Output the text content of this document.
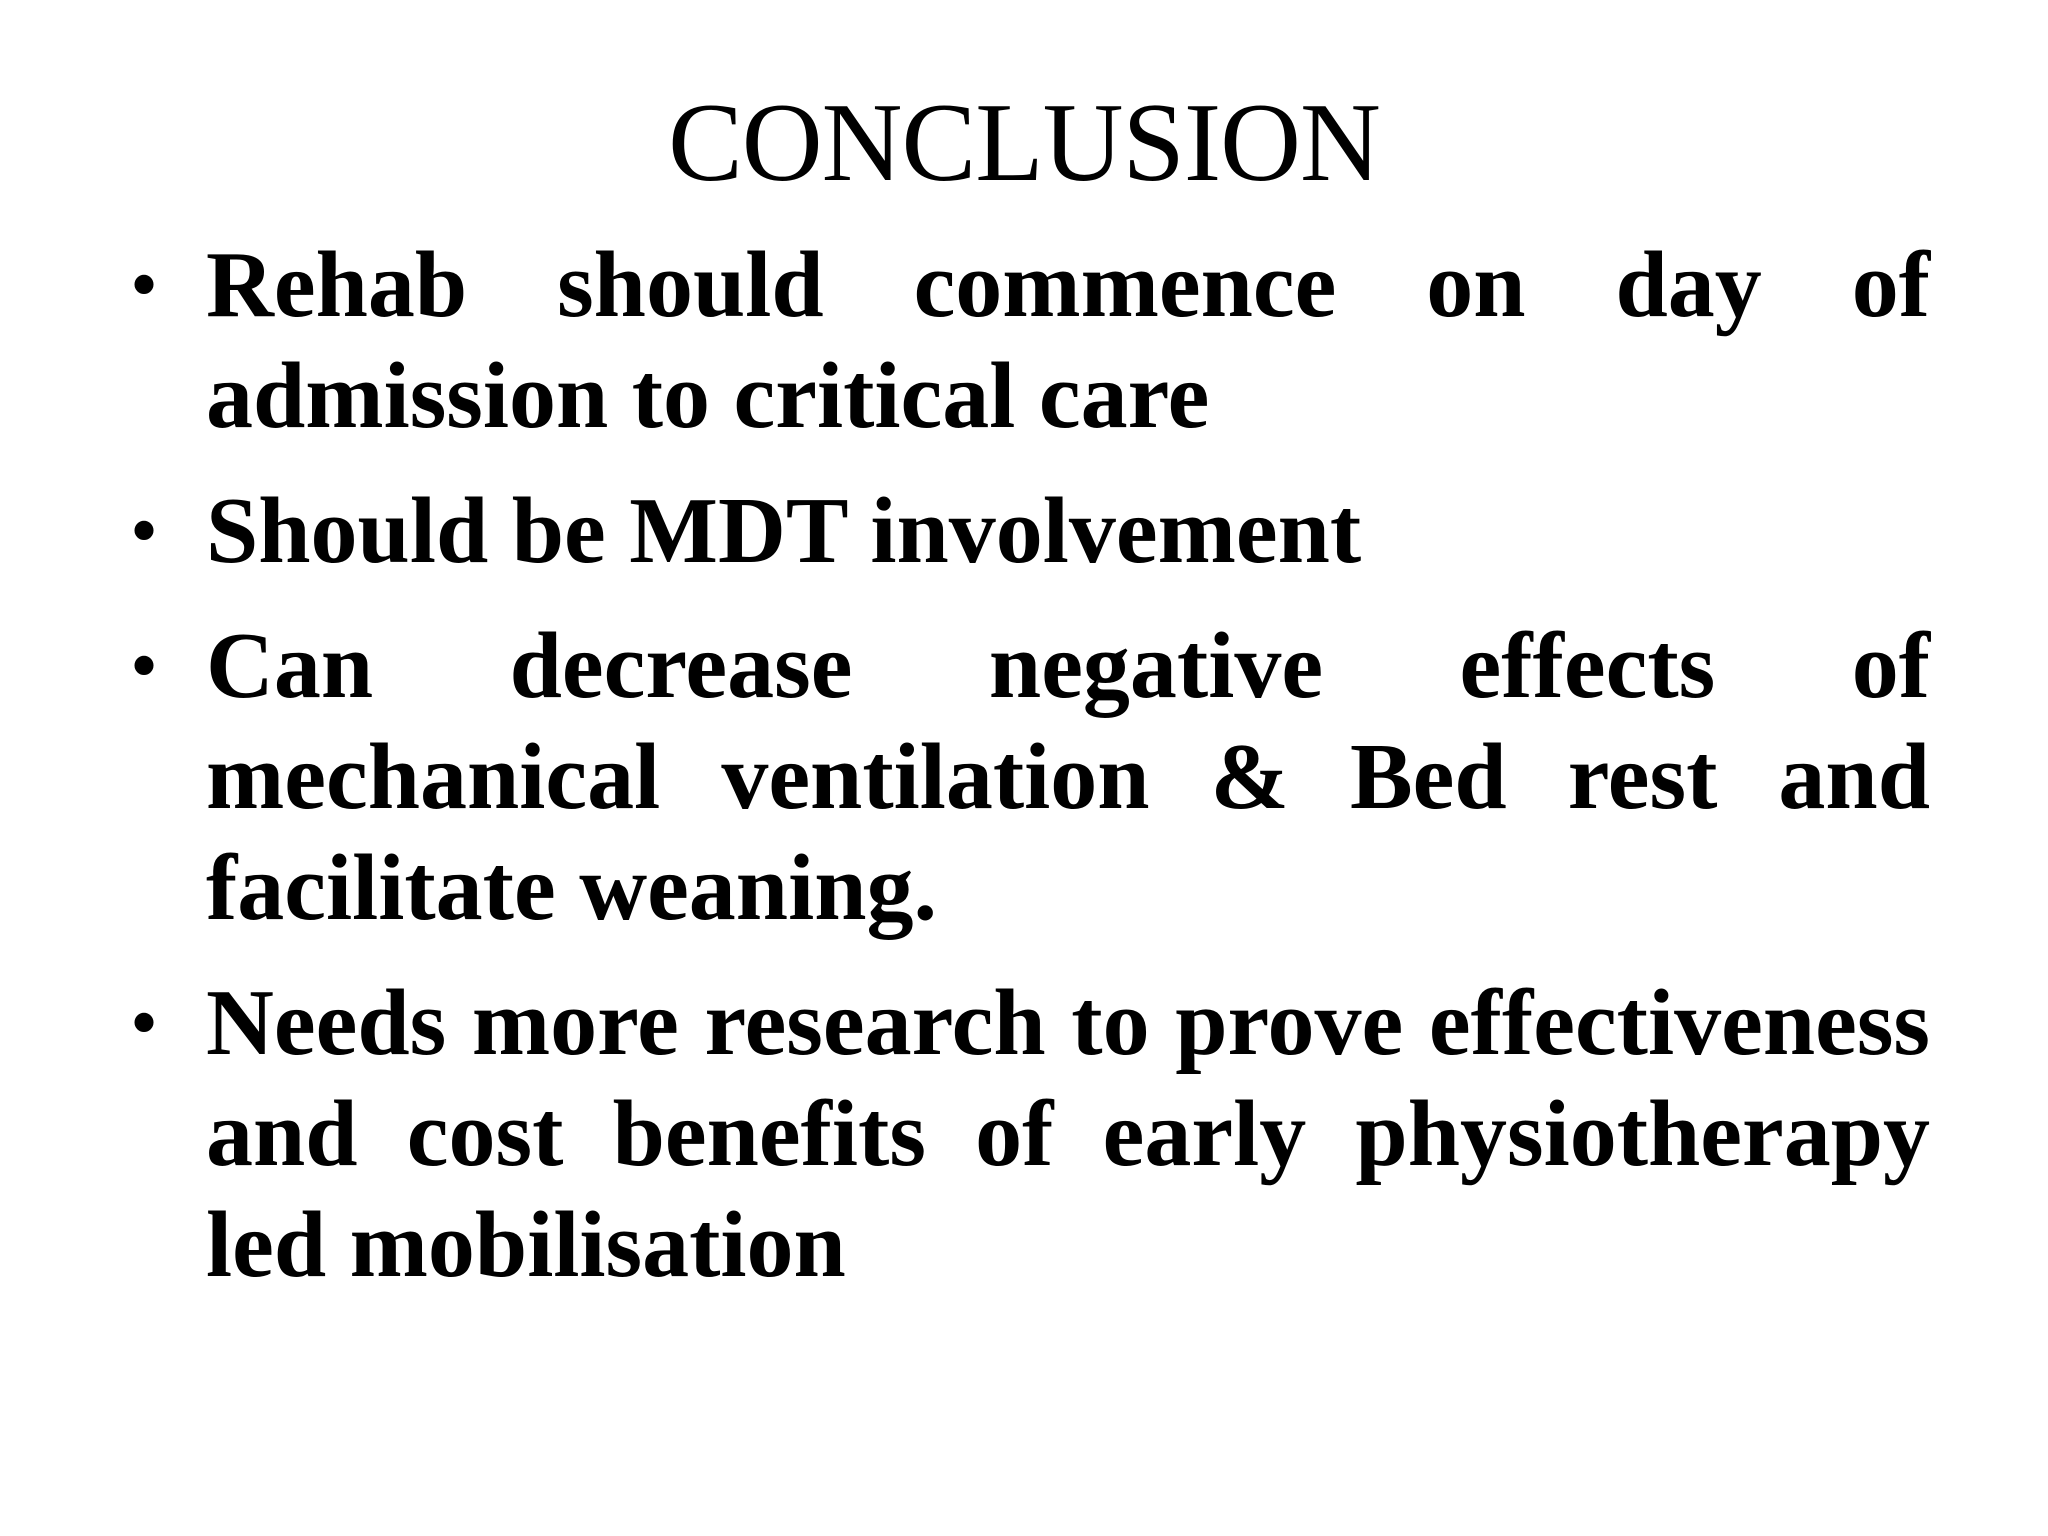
CONCLUSION
• Rehab should commence on day of admission to critical care
• Should be MDT involvement
• Can decrease negative effects of mechanical ventilation & Bed rest and facilitate weaning.
• Needs more research to prove effectiveness and cost benefits of early physiotherapy led mobilisation
